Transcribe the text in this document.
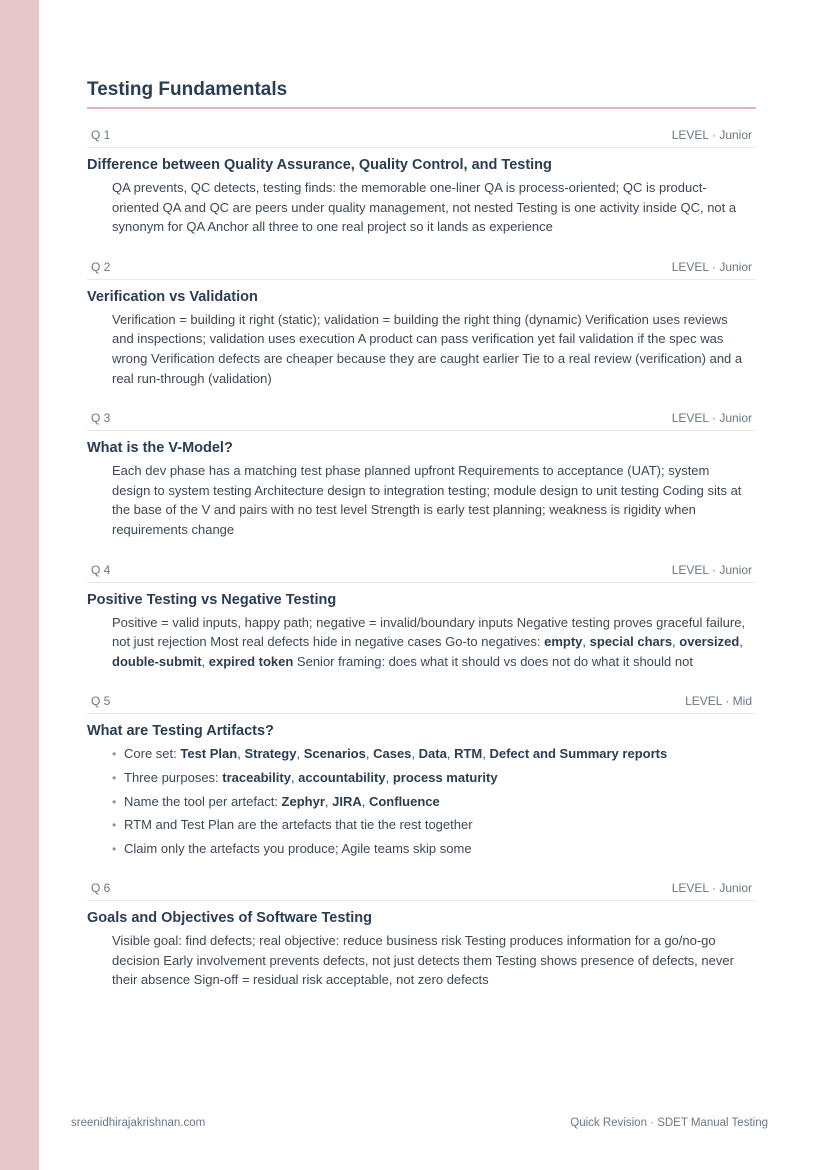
Testing Fundamentals
Q 1	LEVEL · Junior
Difference between Quality Assurance, Quality Control, and Testing
QA prevents, QC detects, testing finds: the memorable one-liner QA is process-oriented; QC is product-oriented QA and QC are peers under quality management, not nested Testing is one activity inside QC, not a synonym for QA Anchor all three to one real project so it lands as experience
Q 2	LEVEL · Junior
Verification vs Validation
Verification = building it right (static); validation = building the right thing (dynamic) Verification uses reviews and inspections; validation uses execution A product can pass verification yet fail validation if the spec was wrong Verification defects are cheaper because they are caught earlier Tie to a real review (verification) and a real run-through (validation)
Q 3	LEVEL · Junior
What is the V-Model?
Each dev phase has a matching test phase planned upfront Requirements to acceptance (UAT); system design to system testing Architecture design to integration testing; module design to unit testing Coding sits at the base of the V and pairs with no test level Strength is early test planning; weakness is rigidity when requirements change
Q 4	LEVEL · Junior
Positive Testing vs Negative Testing
Positive = valid inputs, happy path; negative = invalid/boundary inputs Negative testing proves graceful failure, not just rejection Most real defects hide in negative cases Go-to negatives: empty, special chars, oversized, double-submit, expired token Senior framing: does what it should vs does not do what it should not
Q 5	LEVEL · Mid
What are Testing Artifacts?
• Core set: Test Plan, Strategy, Scenarios, Cases, Data, RTM, Defect and Summary reports
• Three purposes: traceability, accountability, process maturity
• Name the tool per artefact: Zephyr, JIRA, Confluence
• RTM and Test Plan are the artefacts that tie the rest together
• Claim only the artefacts you produce; Agile teams skip some
Q 6	LEVEL · Junior
Goals and Objectives of Software Testing
Visible goal: find defects; real objective: reduce business risk Testing produces information for a go/no-go decision Early involvement prevents defects, not just detects them Testing shows presence of defects, never their absence Sign-off = residual risk acceptable, not zero defects
sreenidhirajakrishnan.com	Quick Revision · SDET Manual Testing
